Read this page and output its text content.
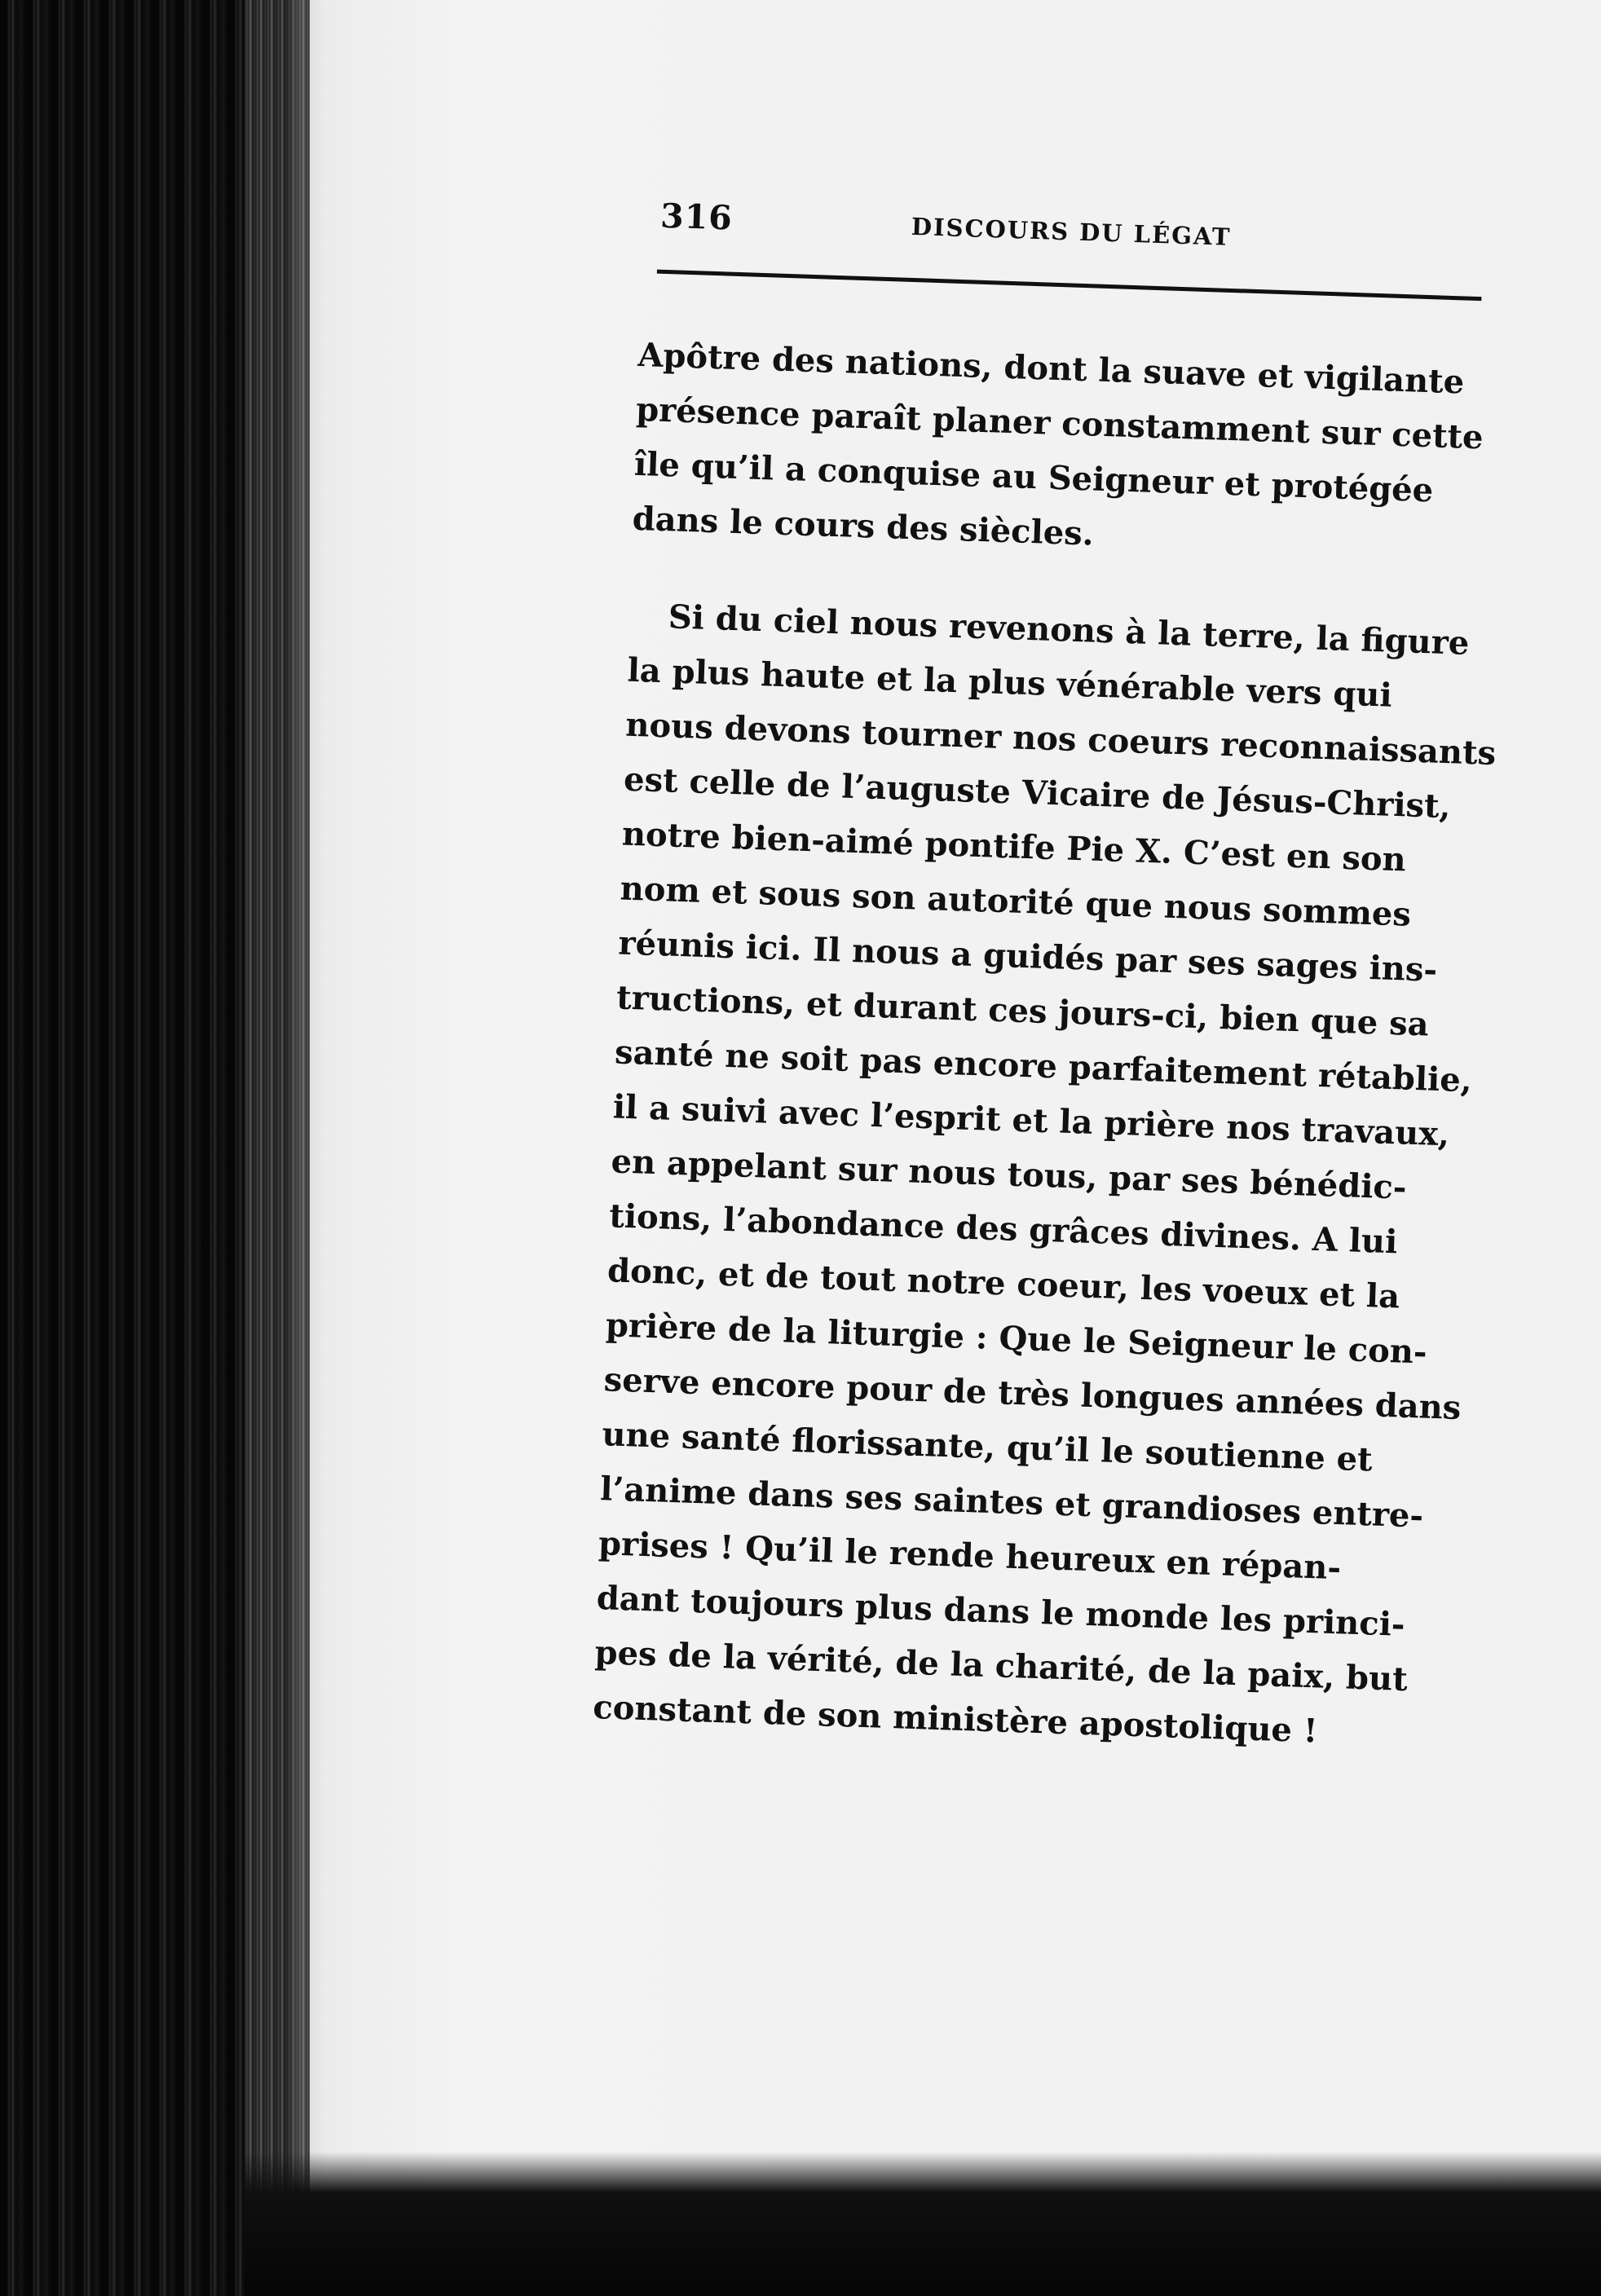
316	DISCOURS DU LÉGAT

Apôtre des nations, dont la suave et vigilante
présence paraît planer constamment sur cette
île qu’il a conquise au Seigneur et protégée
dans le cours des siècles.

Si du ciel nous revenons à la terre, la figure
la plus haute et la plus vénérable vers qui
nous devons tourner nos coeurs reconnaissants
est celle de l’auguste Vicaire de Jésus-Christ,
notre bien-aimé pontife Pie X. C’est en son
nom et sous son autorité que nous sommes
réunis ici. Il nous a guidés par ses sages ins-
tructions, et durant ces jours-ci, bien que sa
santé ne soit pas encore parfaitement rétablie,
il a suivi avec l’esprit et la prière nos travaux,
en appelant sur nous tous, par ses bénédic-
tions, l’abondance des grâces divines. A lui
donc, et de tout notre coeur, les voeux et la
prière de la liturgie : Que le Seigneur le con-
serve encore pour de très longues années dans
une santé florissante, qu’il le soutienne et
l’anime dans ses saintes et grandioses entre-
prises ! Qu’il le rende heureux en répan-
dant toujours plus dans le monde les princi-
pes de la vérité, de la charité, de la paix, but
constant de son ministère apostolique !
